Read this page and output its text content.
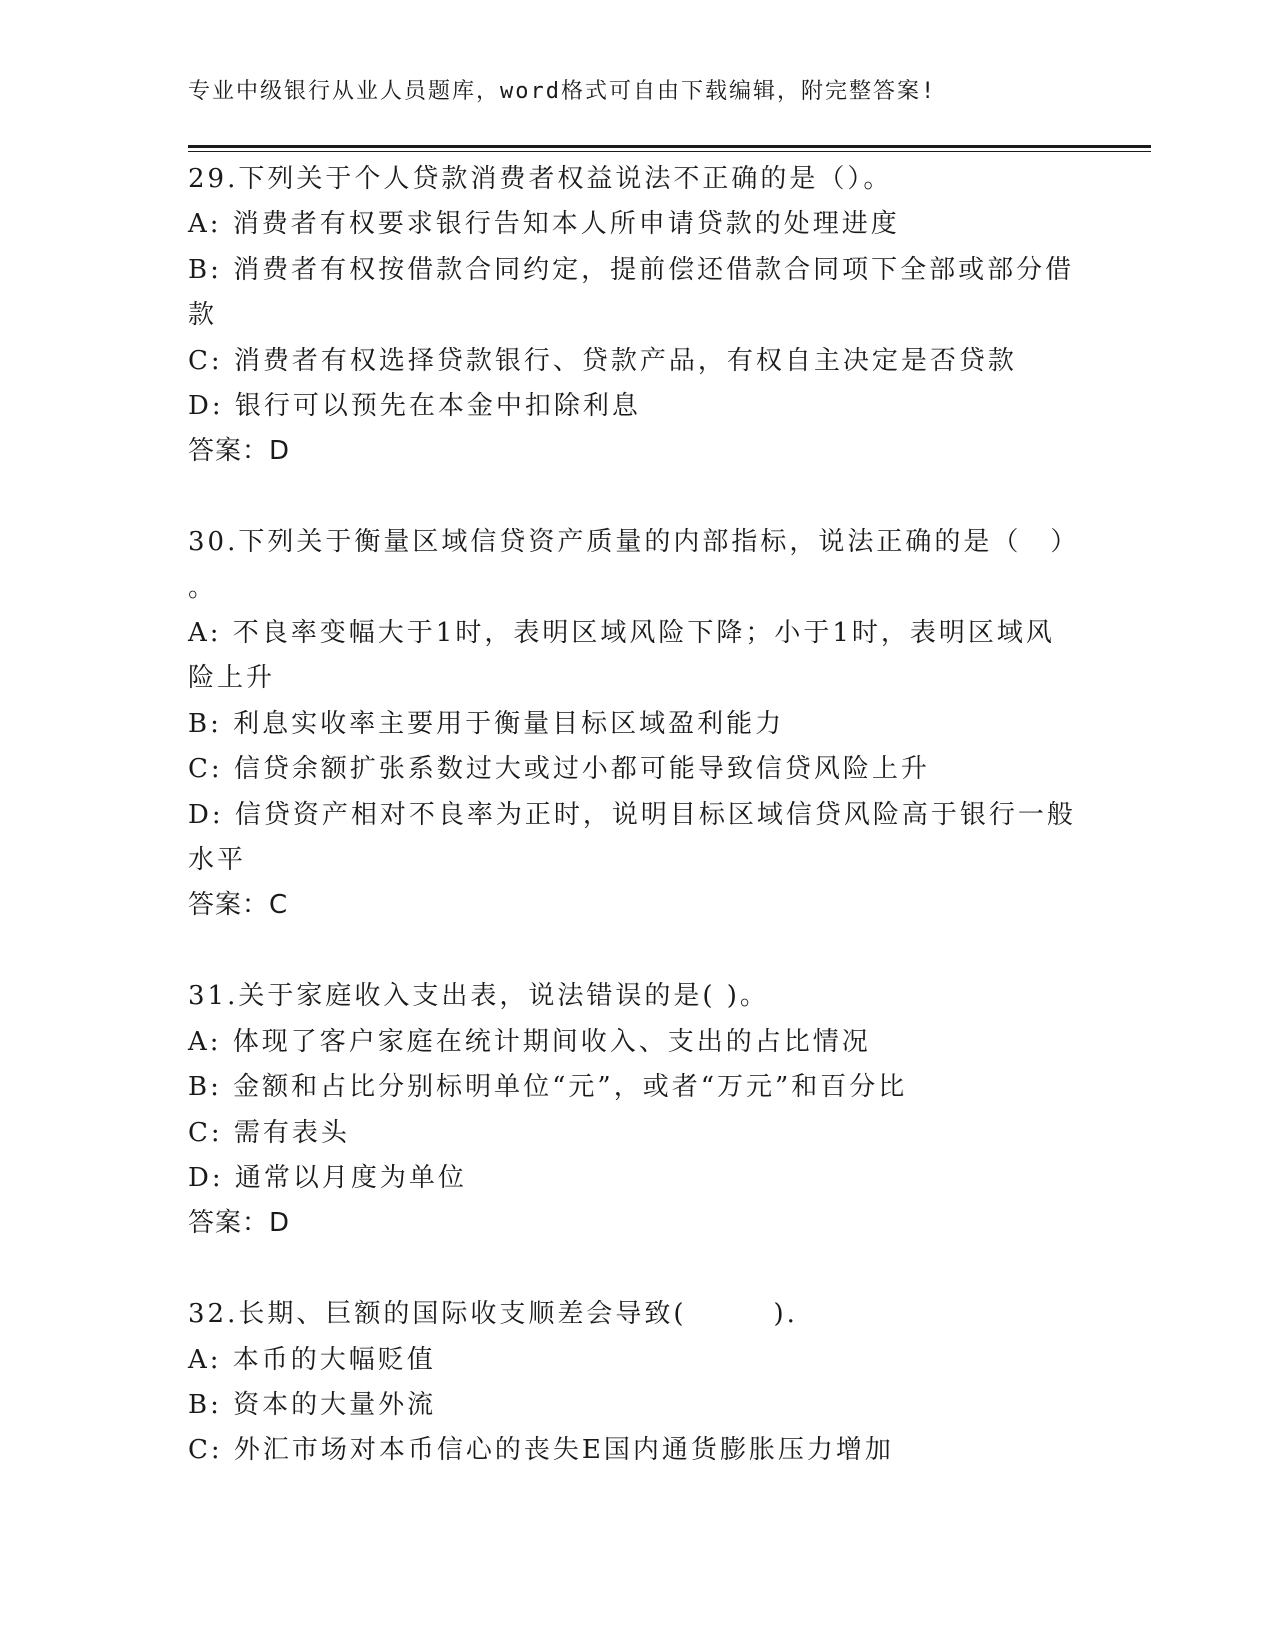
专业中级银行从业人员题库，word格式可自由下载编辑，附完整答案!
29.下列关于个人贷款消费者权益说法不正确的是（）。
A: 消费者有权要求银行告知本人所申请贷款的处理进度
B: 消费者有权按借款合同约定，提前偿还借款合同项下全部或部分借
款
C: 消费者有权选择贷款银行、贷款产品，有权自主决定是否贷款
D: 银行可以预先在本金中扣除利息
答案：D
30.下列关于衡量区域信贷资产质量的内部指标，说法正确的是（　）
。
A: 不良率变幅大于1时，表明区域风险下降；小于1时，表明区域风
险上升
B: 利息实收率主要用于衡量目标区域盈利能力
C: 信贷余额扩张系数过大或过小都可能导致信贷风险上升
D: 信贷资产相对不良率为正时，说明目标区域信贷风险高于银行一般
水平
答案：C
31.关于家庭收入支出表，说法错误的是( )。
A: 体现了客户家庭在统计期间收入、支出的占比情况
B: 金额和占比分别标明单位“元”，或者“万元”和百分比
C: 需有表头
D: 通常以月度为单位
答案：D
32.长期、巨额的国际收支顺差会导致(　　　).
A: 本币的大幅贬值
B: 资本的大量外流
C: 外汇市场对本币信心的丧失E国内通货膨胀压力增加
